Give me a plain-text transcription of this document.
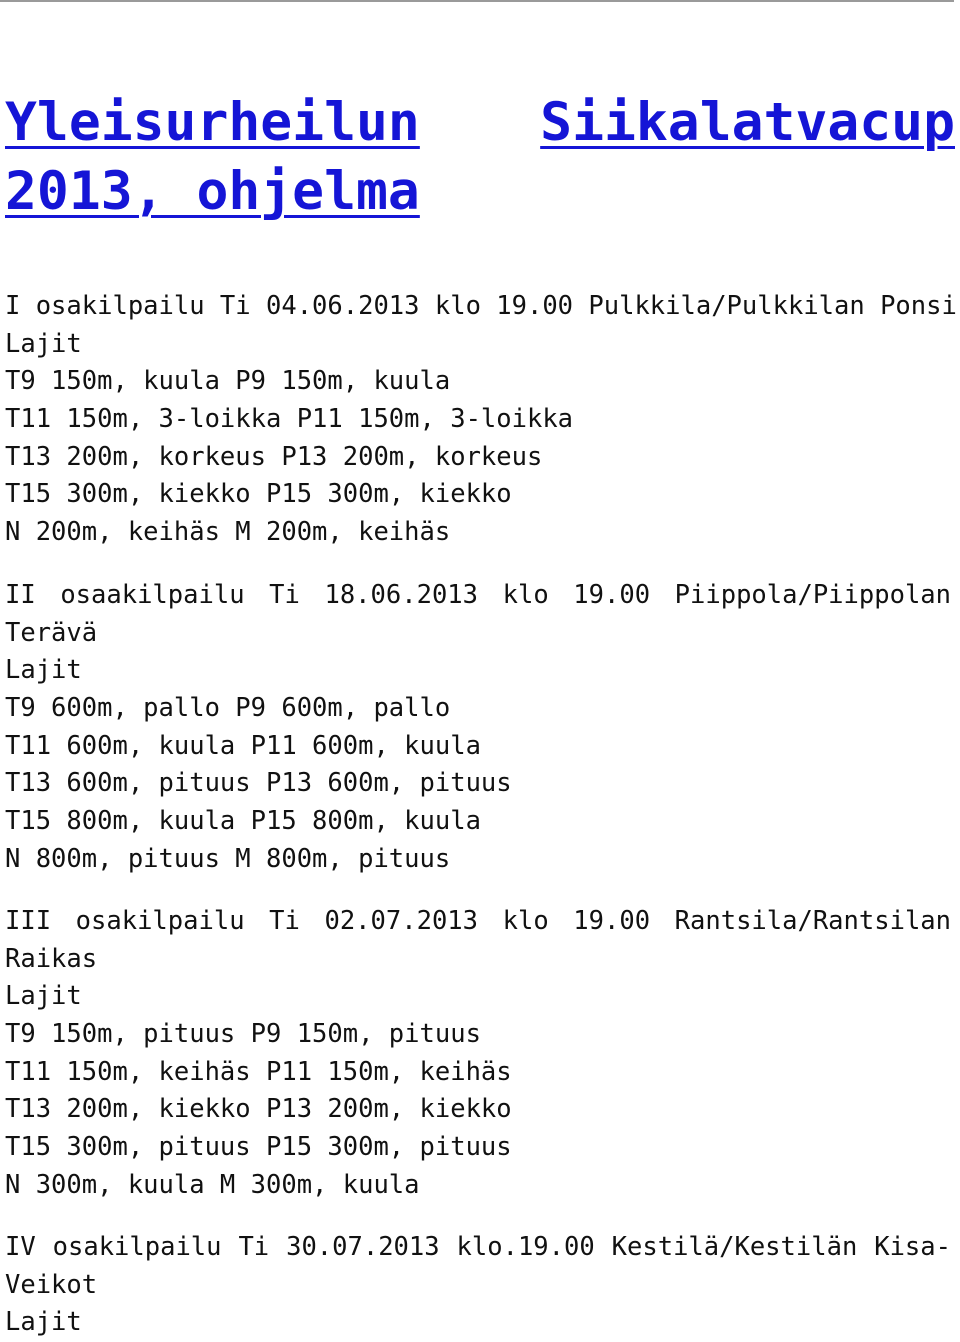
Yleisurheilun Siikalatvacup
2013, ohjelma
I osakilpailu Ti 04.06.2013 klo 19.00 Pulkkila/Pulkkilan Ponsi
Lajit
T9 150m, kuula P9 150m, kuula
T11 150m, 3-loikka P11 150m, 3-loikka
T13 200m, korkeus P13 200m, korkeus
T15 300m, kiekko P15 300m, kiekko
N 200m, keihäs M 200m, keihäs
II osaakilpailu Ti 18.06.2013 klo 19.00 Piippola/Piippolan
Terävä
Lajit
T9 600m, pallo P9 600m, pallo
T11 600m, kuula P11 600m, kuula
T13 600m, pituus P13 600m, pituus
T15 800m, kuula P15 800m, kuula
N 800m, pituus M 800m, pituus
III osakilpailu Ti 02.07.2013 klo 19.00 Rantsila/Rantsilan
Raikas
Lajit
T9 150m, pituus P9 150m, pituus
T11 150m, keihäs P11 150m, keihäs
T13 200m, kiekko P13 200m, kiekko
T15 300m, pituus P15 300m, pituus
N 300m, kuula M 300m, kuula
IV osakilpailu Ti 30.07.2013 klo.19.00 Kestilä/Kestilän Kisa-
Veikot
Lajit
